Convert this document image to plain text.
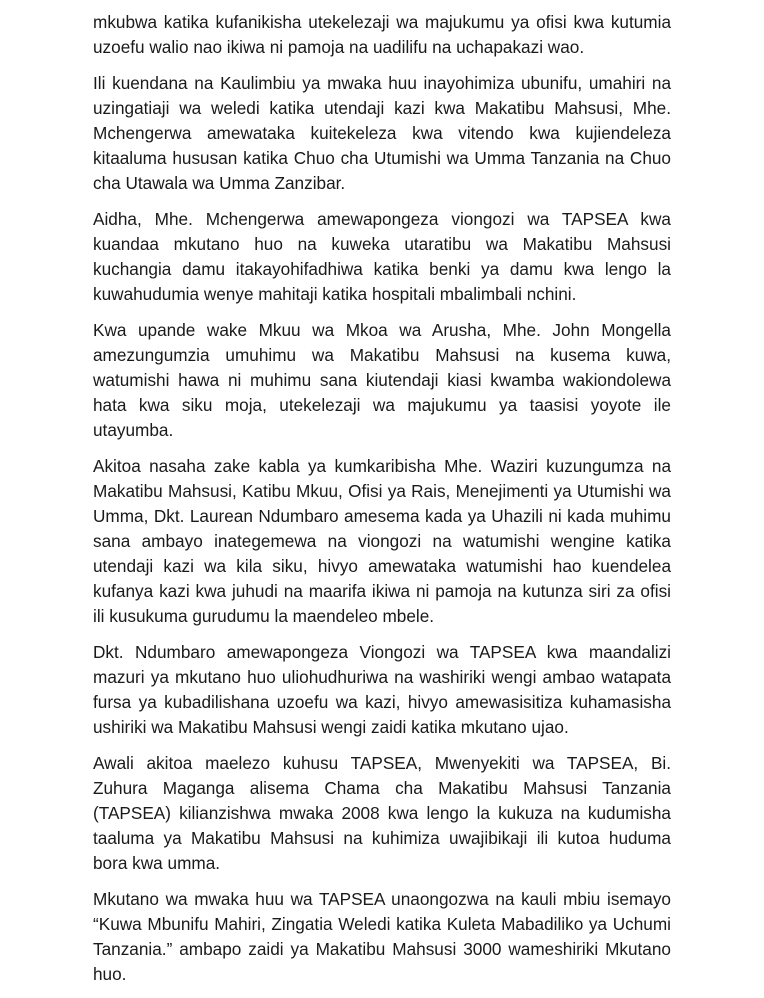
mkubwa katika kufanikisha utekelezaji wa majukumu ya ofisi kwa kutumia
uzoefu walio nao ikiwa ni pamoja na uadilifu na uchapakazi wao.

Ili kuendana na Kaulimbiu ya mwaka huu inayohimiza ubunifu, umahiri na
uzingatiaji wa weledi katika utendaji kazi kwa Makatibu Mahsusi, Mhe.
Mchengerwa amewataka kuitekeleza kwa vitendo kwa kujiendeleza
kitaaluma hususan katika Chuo cha Utumishi wa Umma Tanzania na Chuo
cha Utawala wa Umma Zanzibar.

Aidha, Mhe. Mchengerwa amewapongeza viongozi wa TAPSEA kwa
kuandaa mkutano huo na kuweka utaratibu wa Makatibu Mahsusi
kuchangia damu itakayohifadhiwa katika benki ya damu kwa lengo la
kuwahudumia wenye mahitaji katika hospitali mbalimbali nchini.

Kwa upande wake Mkuu wa Mkoa wa Arusha, Mhe. John Mongella
amezungumzia umuhimu wa Makatibu Mahsusi na kusema kuwa,
watumishi hawa ni muhimu sana kiutendaji kiasi kwamba wakiondolewa
hata kwa siku moja, utekelezaji wa majukumu ya taasisi yoyote ile
utayumba.

Akitoa nasaha zake kabla ya kumkaribisha Mhe. Waziri kuzungumza na
Makatibu Mahsusi, Katibu Mkuu, Ofisi ya Rais, Menejimenti ya Utumishi wa
Umma, Dkt. Laurean Ndumbaro amesema kada ya Uhazili ni kada muhimu
sana ambayo inategemewa na viongozi na watumishi wengine katika
utendaji kazi wa kila siku, hivyo amewataka watumishi hao kuendelea
kufanya kazi kwa juhudi na maarifa ikiwa ni pamoja na kutunza siri za ofisi
ili kusukuma gurudumu la maendeleo mbele.

Dkt. Ndumbaro amewapongeza Viongozi wa TAPSEA kwa maandalizi
mazuri ya mkutano huo uliohudhuriwa na washiriki wengi ambao watapata
fursa ya kubadilishana uzoefu wa kazi, hivyo amewasisitiza kuhamasisha
ushiriki wa Makatibu Mahsusi wengi zaidi katika mkutano ujao.

Awali akitoa maelezo kuhusu TAPSEA, Mwenyekiti wa TAPSEA, Bi.
Zuhura Maganga alisema Chama cha Makatibu Mahsusi Tanzania
(TAPSEA) kilianzishwa mwaka 2008 kwa lengo la kukuza na kudumisha
taaluma ya Makatibu Mahsusi na kuhimiza uwajibikaji ili kutoa huduma
bora kwa umma.

Mkutano wa mwaka huu wa TAPSEA unaongozwa na kauli mbiu isemayo
“Kuwa Mbunifu Mahiri, Zingatia Weledi katika Kuleta Mabadiliko ya Uchumi
Tanzania.” ambapo zaidi ya Makatibu Mahsusi 3000 wameshiriki Mkutano
huo.
